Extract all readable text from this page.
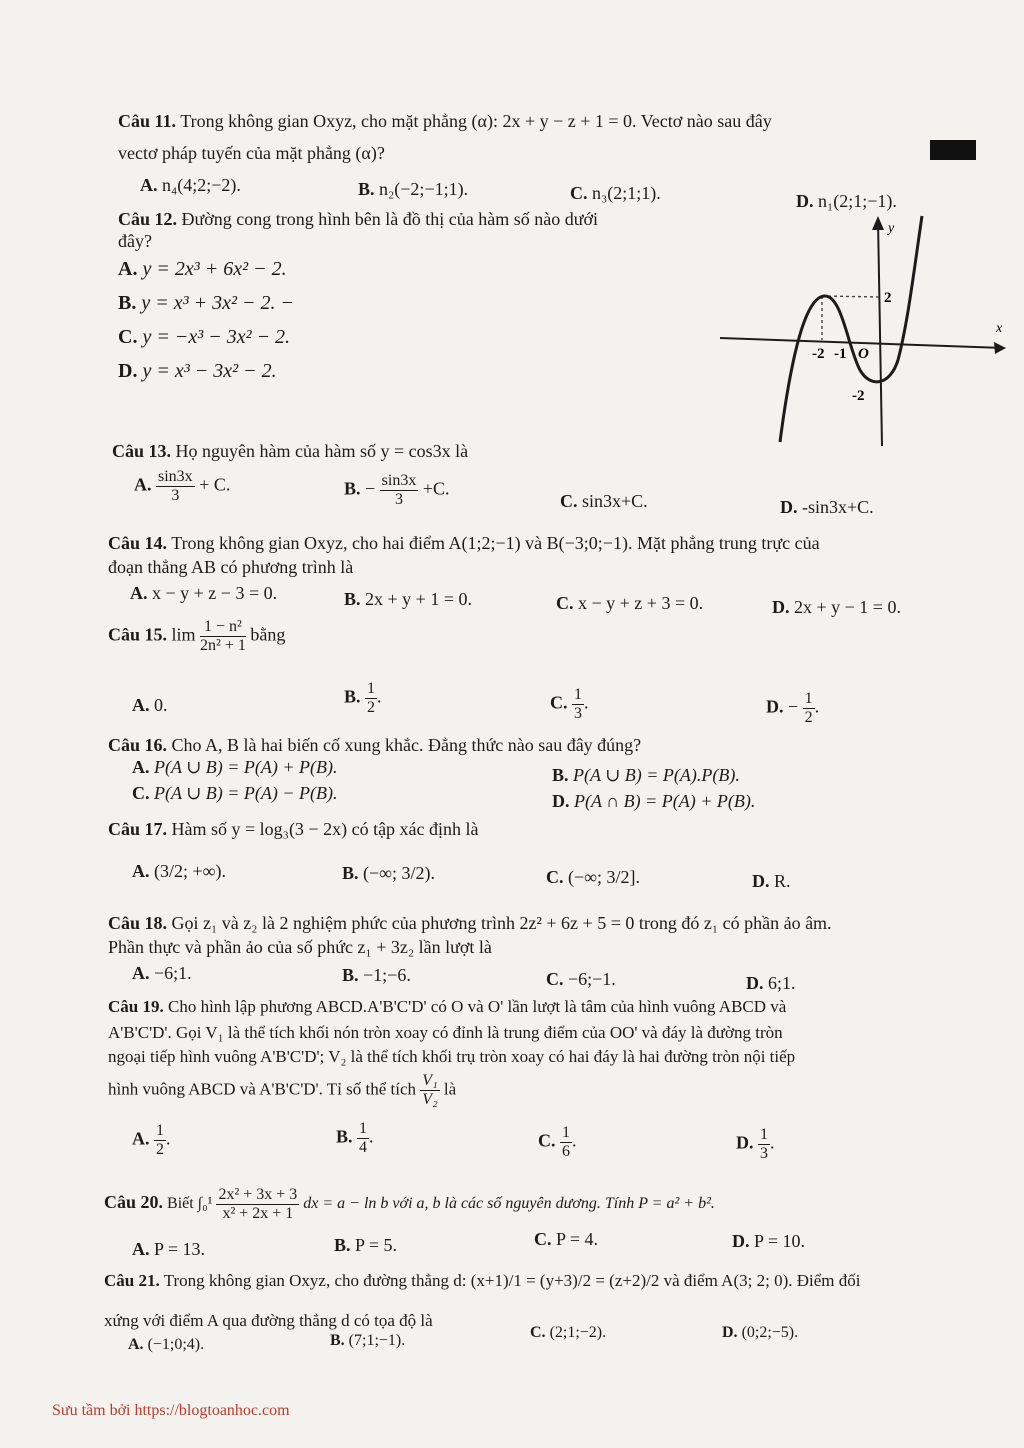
Câu 11. Trong không gian Oxyz, cho mặt phẳng (α): 2x + y − z + 1 = 0. Vectơ nào sau đây
vectơ pháp tuyến của mặt phẳng (α)?
A. n₄(4;2;−2).	B. n₂(−2;−1;1).	C. n₃(2;1;1).	D. n₁(2;1;−1).
Câu 12. Đường cong trong hình bên là đồ thị của hàm số nào dưới
đây?
A. y = 2x³ + 6x² − 2.
B. y = x³ + 3x² − 2. −
C. y = −x³ − 3x² − 2.
D. y = x³ − 3x² − 2.
y
x
O
-2 -1
2
-2
Câu 13. Họ nguyên hàm của hàm số y = cos3x là
A. $\frac{\sin 3x}{3} + C$.	B. − $\frac{\sin 3x}{3} +C$.
C. sin3x+C.	D. -sin3x+C.
Câu 14. Trong không gian Oxyz, cho hai điểm A(1;2;−1) và B(−3;0;−1). Mặt phẳng trung trực của
đoạn thẳng AB có phương trình là
A. x − y + z − 3 = 0.	B. 2x + y + 1 = 0.	C. x − y + z + 3 = 0.	D. 2x + y − 1 = 0.
Câu 15. $\lim \frac{\text{1 − n²}}{\text{2n² + 1}}$ bằng
A. 0.	B. $\frac{1}{2}$ .	C. $\frac{1}{3}$ .	D. − $\frac{1}{2}$ .
Câu 16. Cho A, B là hai biến cố xung khắc. Đẳng thức nào sau đây đúng?
A. P(A ∪ B) = P(A) + P(B).	B. P(A ∪ B) = P(A).P(B).
C. P(A ∪ B) = P(A) − P(B).	D. P(A ∩ B) = P(A) + P(B).
Câu 17. Hàm số y = log₃(3 − 2x) có tập xác định là
A. (3/2; +∞).	B. (−∞; 3/2).	C. (−∞; 3/2].	D. R.
Câu 18. Gọi z₁ và z₂ là 2 nghiệm phức của phương trình 2z² + 6z + 5 = 0 trong đó z₁ có phần ảo âm.
Phần thực và phần ảo của số phức z₁ + 3z₂ lần lượt là
A. −6;1.	B. −1;−6.	C. −6;−1.	D. 6;1.
Câu 19. Cho hình lập phương ABCD.A'B'C'D' có O và O' lần lượt là tâm của hình vuông ABCD và
A'B'C'D'. Gọi V₁ là thể tích khối nón tròn xoay có đỉnh là trung điểm của OO' và đáy là đường tròn
ngoại tiếp hình vuông A'B'C'D'; V₂ là thể tích khối trụ tròn xoay có hai đáy là hai đường tròn nội tiếp
hình vuông ABCD và A'B'C'D'. Tỉ số thể tích $\frac{\text{V₁}}{\text{V₂}}$ là
A. $\frac{1}{2}$ .	B. $\frac{1}{4}$ .	C. $\frac{1}{6}$ .	D. $\frac{1}{3}$ .
Câu 20. Biết $\int_0^1 \frac{\text{2x² + 3x + 3}}{\text{x² + 2x + 1}}$ dx = a − ln b với a, b là các số nguyên dương. Tính P = a² + b².
A. P = 13.	B. P = 5.	C. P = 4.	D. P = 10.
Câu 21. Trong không gian Oxyz, cho đường thẳng d: (x+1)/1 = (y+3)/2 = (z+2)/2 và điểm A(3; 2; 0). Điểm đối
xứng với điểm A qua đường thẳng d có tọa độ là
A. (−1;0;4).	B. (7;1;−1).	C. (2;1;−2).	D. (0;2;−5).
Sưu tầm bởi https://blogtoanhoc.com
